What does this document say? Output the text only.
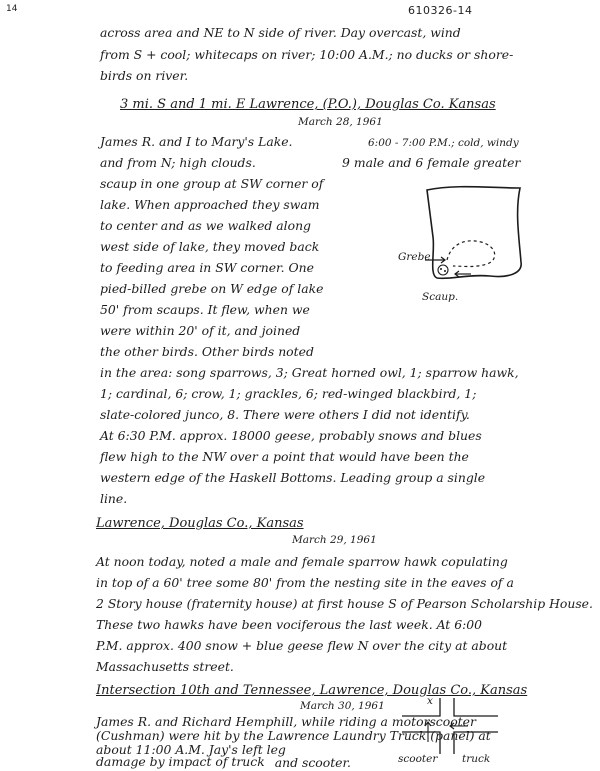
14	610326-14
across area and NE to N side of river. Day overcast, wind
from S + cool; whitecaps on river; 10:00 A.M.; no ducks or shore-
birds on river.
3 mi. S and 1 mi. E Lawrence, (P.O.), Douglas Co. Kansas
March 28, 1961
James R. and I to Mary's Lake.	6:00 - 7:00 P.M.; cold, windy
and from N; high clouds.	9 male and 6 female greater
scaup in one group at SW corner of
lake. When approached they swam
to center and as we walked along
west side of lake, they moved back
to feeding area in SW corner. One
pied-billed grebe on W edge of lake
50' from scaups. It flew, when we
were within 20' of it, and joined
the other birds. Other birds noted
Grebe
Scaup.
in the area: song sparrows, 3; Great horned owl, 1; sparrow hawk,
1; cardinal, 6; crow, 1; grackles, 6; red-winged blackbird, 1;
slate-colored junco, 8. There were others I did not identify.
At 6:30 P.M. approx. 18000 geese, probably snows and blues
flew high to the NW over a point that would have been the
western edge of the Haskell Bottoms. Leading group a single
line.
Lawrence, Douglas Co., Kansas
March 29, 1961
At noon today, noted a male and female sparrow hawk copulating
in top of a 60' tree some 80' from the nesting site in the eaves of a
2 Story house (fraternity house) at first house S of Pearson Scholarship House.
These two hawks have been vociferous the last week. At 6:00
P.M. approx. 400 snow + blue geese flew N over the city at about
Massachusetts street.
Intersection 10th and Tennessee, Lawrence, Douglas Co., Kansas
March 30, 1961
James R. and Richard Hemphill, while riding a motorscooter
(Cushman) were hit by the Lawrence Laundry Truck (panel) at
about 11:00 A.M. Jay's left leg
damage by impact of truck and scooter.
x
scooter truck
